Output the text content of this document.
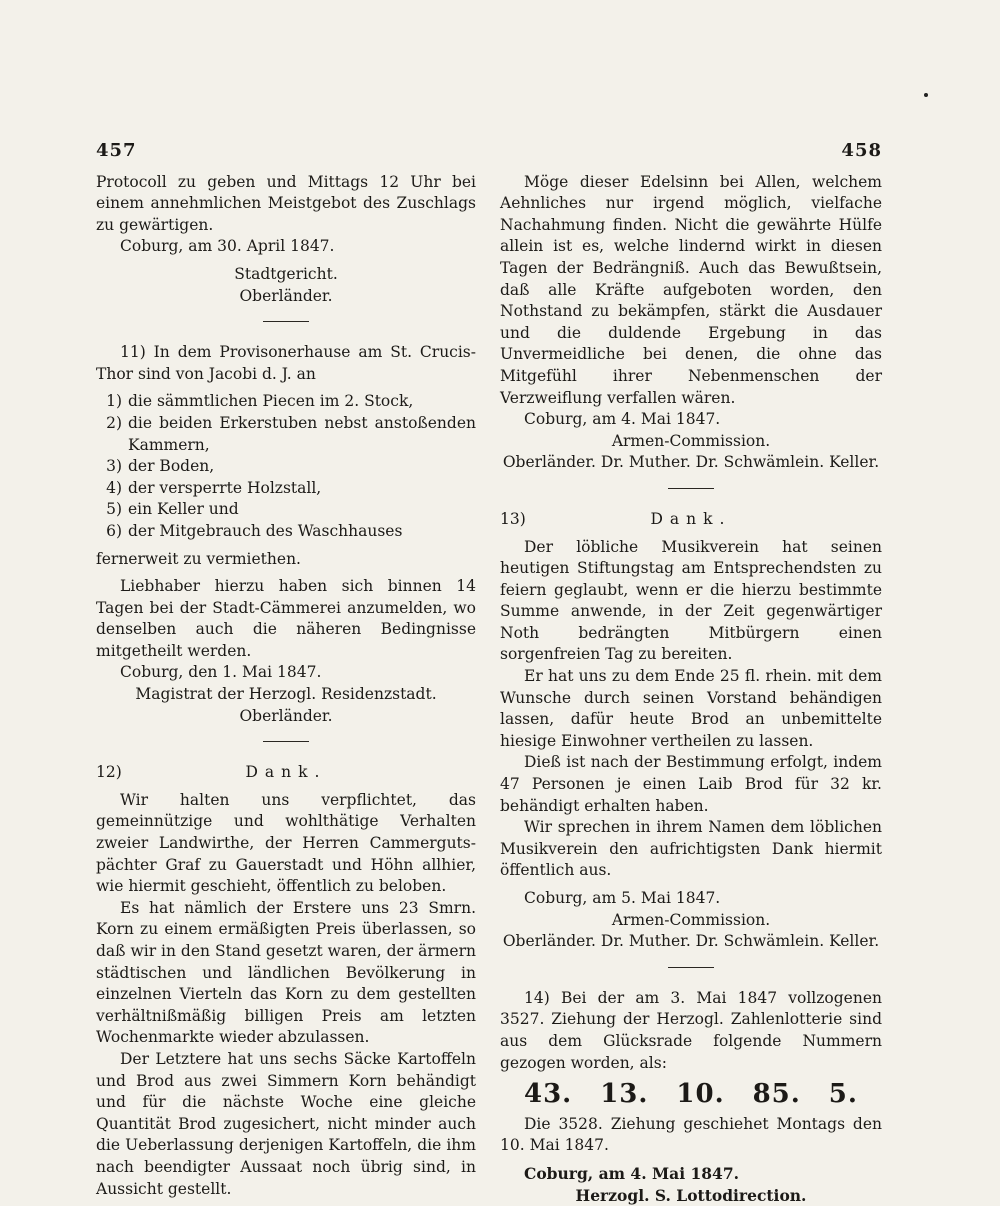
457

Protocoll zu geben und Mittags 12 Uhr bei einem annehmlichen Meistgebot des Zuschlags zu gewärtigen.

Coburg, am 30. April 1847.

Stadtgericht.

Oberländer.

11) In dem Provisonerhause am St. Crucis-Thor sind von Jacobi d. J. an

1) die sämmtlichen Piecen im 2. Stock,
2) die beiden Erkerstuben nebst anstoßenden Kammern,
3) der Boden,
4) der versperrte Holzstall,
5) ein Keller und
6) der Mitgebrauch des Waschhauses

fernerweit zu vermiethen.

Liebhaber hierzu haben sich binnen 14 Tagen bei der Stadt-Cämmerei anzumelden, wo denselben auch die näheren Bedingnisse mitgetheilt werden.

Coburg, den 1. Mai 1847.

Magistrat der Herzogl. Residenzstadt.

Oberländer.

12)	Dank.

Wir halten uns verpflichtet, das gemeinnützige und wohlthätige Verhalten zweier Landwirthe, der Herren Cammergutspächter Graf zu Gauerstadt und Höhn allhier, wie hiermit geschieht, öffentlich zu beloben.

Es hat nämlich der Erstere uns 23 Smrn. Korn zu einem ermäßigten Preis überlassen, so daß wir in den Stand gesetzt waren, der ärmern städtischen und ländlichen Bevölkerung in einzelnen Vierteln das Korn zu dem gestellten verhältnißmäßig billigen Preis am letzten Wochenmarkte wieder abzulassen.

Der Letztere hat uns sechs Säcke Kartoffeln und Brod aus zwei Simmern Korn behändigt und für die nächste Woche eine gleiche Quantität Brod zugesichert, nicht minder auch die Ueberlassung derjenigen Kartoffeln, die ihm nach beendigter Aussaat noch übrig sind, in Aussicht gestellt.

458

Möge dieser Edelsinn bei Allen, welchem Aehnliches nur irgend möglich, vielfache Nachahmung finden. Nicht die gewährte Hülfe allein ist es, welche lindernd wirkt in diesen Tagen der Bedrängniß. Auch das Bewußtsein, daß alle Kräfte aufgeboten worden, den Nothstand zu bekämpfen, stärkt die Ausdauer und die duldende Ergebung in das Unvermeidliche bei denen, die ohne das Mitgefühl ihrer Nebenmenschen der Verzweiflung verfallen wären.

Coburg, am 4. Mai 1847.

Armen-Commission.

Oberländer. Dr. Muther. Dr. Schwämlein. Keller.

13)	Dank.

Der löbliche Musikverein hat seinen heutigen Stiftungstag am Entsprechendsten zu feiern geglaubt, wenn er die hierzu bestimmte Summe anwende, in der Zeit gegenwärtiger Noth bedrängten Mitbürgern einen sorgenfreien Tag zu bereiten.

Er hat uns zu dem Ende 25 fl. rhein. mit dem Wunsche durch seinen Vorstand behändigen lassen, dafür heute Brod an unbemittelte hiesige Einwohner vertheilen zu lassen.

Dieß ist nach der Bestimmung erfolgt, indem 47 Personen je einen Laib Brod für 32 kr. behändigt erhalten haben.

Wir sprechen in ihrem Namen dem löblichen Musikverein den aufrichtigsten Dank hiermit öffentlich aus.

Coburg, am 5. Mai 1847.

Armen-Commission.

Oberländer. Dr. Muther. Dr. Schwämlein. Keller.

14) Bei der am 3. Mai 1847 vollzogenen 3527. Ziehung der Herzogl. Zahlenlotterie sind aus dem Glücksrade folgende Nummern gezogen worden, als:

43. 13. 10. 85. 5.

Die 3528. Ziehung geschiehet Montags den 10. Mai 1847.

Coburg, am 4. Mai 1847.

Herzogl. S. Lottodirection.
